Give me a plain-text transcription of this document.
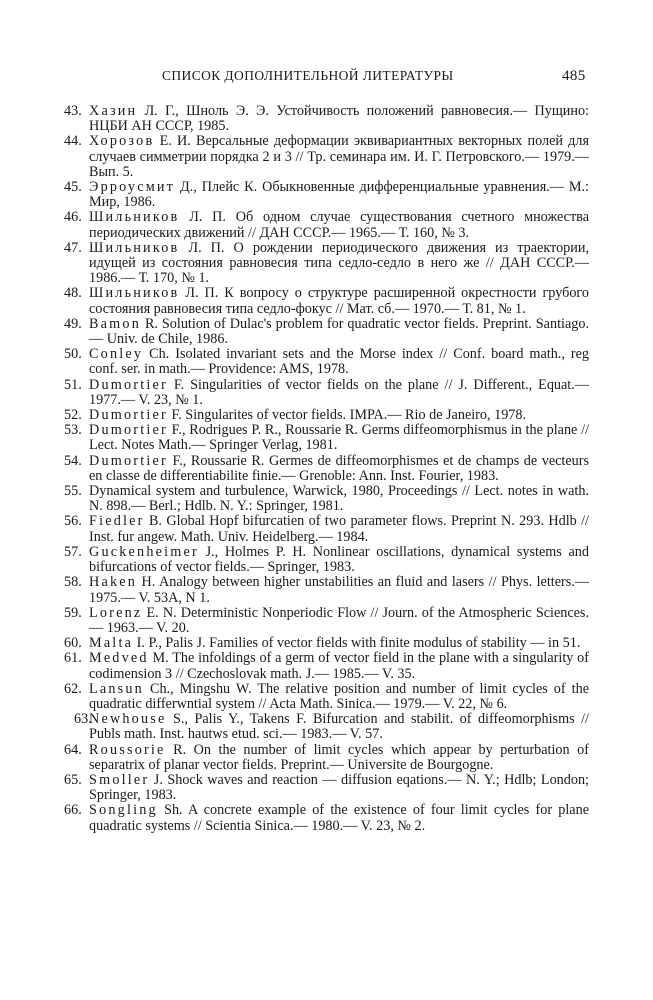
СПИСОК ДОПОЛНИТЕЛЬНОЙ ЛИТЕРАТУРЫ	485
43. Хазин Л. Г., Шноль Э. Э. Устойчивость положений равновесия.— Пущино: НЦБИ АН СССР, 1985.
44. Хорозов Е. И. Версальные деформации эквивариантных векторных полей для случаев симметрии порядка 2 и 3 // Тр. семинара им. И. Г. Петровского.— 1979.— Вып. 5.
45. Эрроусмит Д., Плейс К. Обыкновенные дифференциальные уравнения.— М.: Мир, 1986.
46. Шильников Л. П. Об одном случае существования счетного множества периодических движений // ДАН СССР.— 1965.— Т. 160, № 3.
47. Шильников Л. П. О рождении периодического движения из траектории, идущей из состояния равновесия типа седло-седло в него же // ДАН СССР.— 1986.— Т. 170, № 1.
48. Шильников Л. П. К вопросу о структуре расширенной окрестности грубого состояния равновесия типа седло-фокус // Мат. сб.— 1970.— Т. 81, № 1.
49. Bamon R. Solution of Dulac's problem for quadratic vector fields. Preprint. Santiago.— Univ. de Chile, 1986.
50. Conley Ch. Isolated invariant sets and the Morse index // Conf. board math., reg conf. ser. in math.— Providence: AMS, 1978.
51. Dumortier F. Singularities of vector fields on the plane // J. Different., Equat.— 1977.— V. 23, № 1.
52. Dumortier F. Singularites of vector fields. IMPA.— Rio de Janeiro, 1978.
53. Dumortier F., Rodrigues P. R., Roussarie R. Germs diffeomorphismus in the plane // Lect. Notes Math.— Springer Verlag, 1981.
54. Dumortier F., Roussarie R. Germes de diffeomorphismes et de champs de vecteurs en classe de differentiabilite finie.— Grenoble: Ann. Inst. Fourier, 1983.
55. Dynamical system and turbulence, Warwick, 1980, Proceedings // Lect. notes in wath. N. 898.— Berl.; Hdlb. N. Y.: Springer, 1981.
56. Fiedler B. Global Hopf bifurcatien of two parameter flows. Preprint N. 293. Hdlb // Inst. fur angew. Math. Univ. Heidelberg.— 1984.
57. Guckenheimer J., Holmes P. H. Nonlinear oscillations, dynamical systems and bifurcations of vector fields.— Springer, 1983.
58. Haken H. Analogy between higher unstabilities an fluid and lasers // Phys. letters.— 1975.— V. 53A, N 1.
59. Lorenz E. N. Deterministic Nonperiodic Flow // Journ. of the Atmospheric Sciences.— 1963.— V. 20.
60. Malta I. P., Palis J. Families of vector fields with finite modulus of stability — in 51.
61. Medved M. The infoldings of a germ of vector field in the plane with a singularity of codimension 3 // Czechoslovak math. J.— 1985.— V. 35.
62. Lansun Ch., Mingshu W. The relative position and number of limit cycles of the quadratic differwntial system // Acta Math. Sinica.— 1979.— V. 22, № 6.
63.
Newhouse S., Palis Y., Takens F. Bifurcation and stabilit. of diffeomorphisms // Publs math. Inst. hautws etud. sci.— 1983.— V. 57.
64. Roussorie R. On the number of limit cycles which appear by perturbation of separatrix of planar vector fields. Preprint.— Universite de Bourgogne.
65. Smoller J. Shock waves and reaction — diffusion eqations.— N. Y.; Hdlb; London; Springer, 1983.
66. Songling Sh. A concrete example of the existence of four limit cycles for plane quadratic systems // Scientia Sinica.— 1980.— V. 23, № 2.
